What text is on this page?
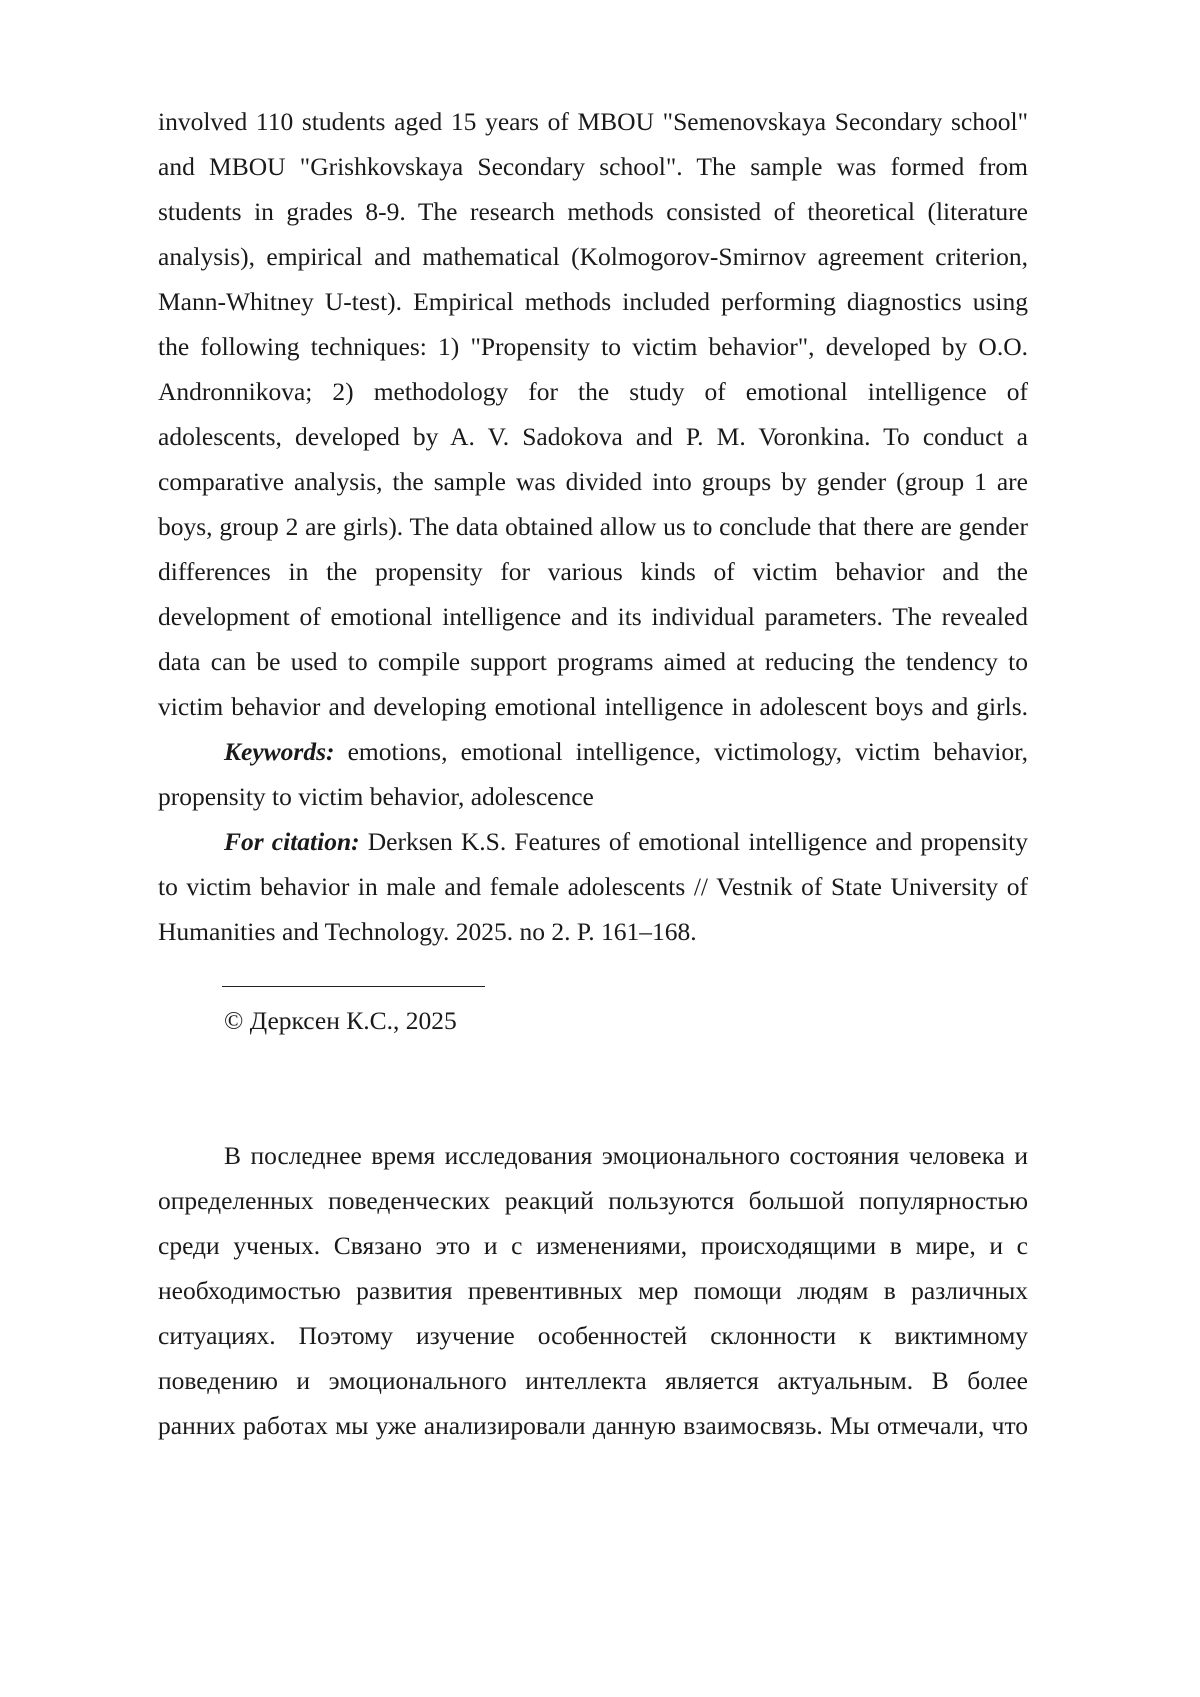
involved 110 students aged 15 years of MBOU "Semenovskaya Secondary school"
and MBOU "Grishkovskaya Secondary school". The sample was formed from
students in grades 8-9. The research methods consisted of theoretical (literature
analysis), empirical and mathematical (Kolmogorov-Smirnov agreement criterion,
Mann-Whitney U-test). Empirical methods included performing diagnostics using
the following techniques: 1) "Propensity to victim behavior", developed by O.O.
Andronnikova; 2) methodology for the study of emotional intelligence of
adolescents, developed by A. V. Sadokova and P. M. Voronkina. To conduct a
comparative analysis, the sample was divided into groups by gender (group 1 are
boys, group 2 are girls). The data obtained allow us to conclude that there are gender
differences in the propensity for various kinds of victim behavior and the
development of emotional intelligence and its individual parameters. The revealed
data can be used to compile support programs aimed at reducing the tendency to
victim behavior and developing emotional intelligence in adolescent boys and girls.
Keywords: emotions, emotional intelligence, victimology, victim behavior,
propensity to victim behavior, adolescence
For citation: Derksen K.S. Features of emotional intelligence and propensity
to victim behavior in male and female adolescents // Vestnik of State University of
Humanities and Technology. 2025. no 2. P. 161–168.
© Дерксен К.С., 2025
В последнее время исследования эмоционального состояния человека и
определенных поведенческих реакций пользуются большой популярностью
среди ученых. Связано это и с изменениями, происходящими в мире, и с
необходимостью развития превентивных мер помощи людям в различных
ситуациях. Поэтому изучение особенностей склонности к виктимному
поведению и эмоционального интеллекта является актуальным. В более
ранних работах мы уже анализировали данную взаимосвязь. Мы отмечали, что
